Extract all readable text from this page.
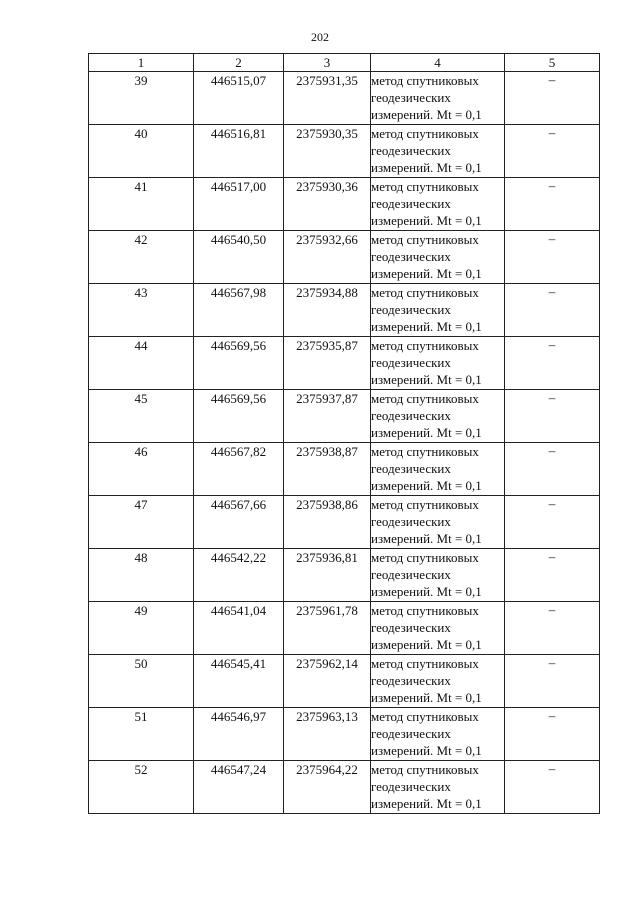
202
1	2	3	4	5
39	446515,07	2375931,35	метод спутниковых
геодезических
измерений. Mt = 0,1	–
40	446516,81	2375930,35	метод спутниковых
геодезических
измерений. Mt = 0,1	–
41	446517,00	2375930,36	метод спутниковых
геодезических
измерений. Mt = 0,1	–
42	446540,50	2375932,66	метод спутниковых
геодезических
измерений. Mt = 0,1	–
43	446567,98	2375934,88	метод спутниковых
геодезических
измерений. Mt = 0,1	–
44	446569,56	2375935,87	метод спутниковых
геодезических
измерений. Mt = 0,1	–
45	446569,56	2375937,87	метод спутниковых
геодезических
измерений. Mt = 0,1	–
46	446567,82	2375938,87	метод спутниковых
геодезических
измерений. Mt = 0,1	–
47	446567,66	2375938,86	метод спутниковых
геодезических
измерений. Mt = 0,1	–
48	446542,22	2375936,81	метод спутниковых
геодезических
измерений. Mt = 0,1	–
49	446541,04	2375961,78	метод спутниковых
геодезических
измерений. Mt = 0,1	–
50	446545,41	2375962,14	метод спутниковых
геодезических
измерений. Mt = 0,1	–
51	446546,97	2375963,13	метод спутниковых
геодезических
измерений. Mt = 0,1	–
52	446547,24	2375964,22	метод спутниковых
геодезических
измерений. Mt = 0,1	–
